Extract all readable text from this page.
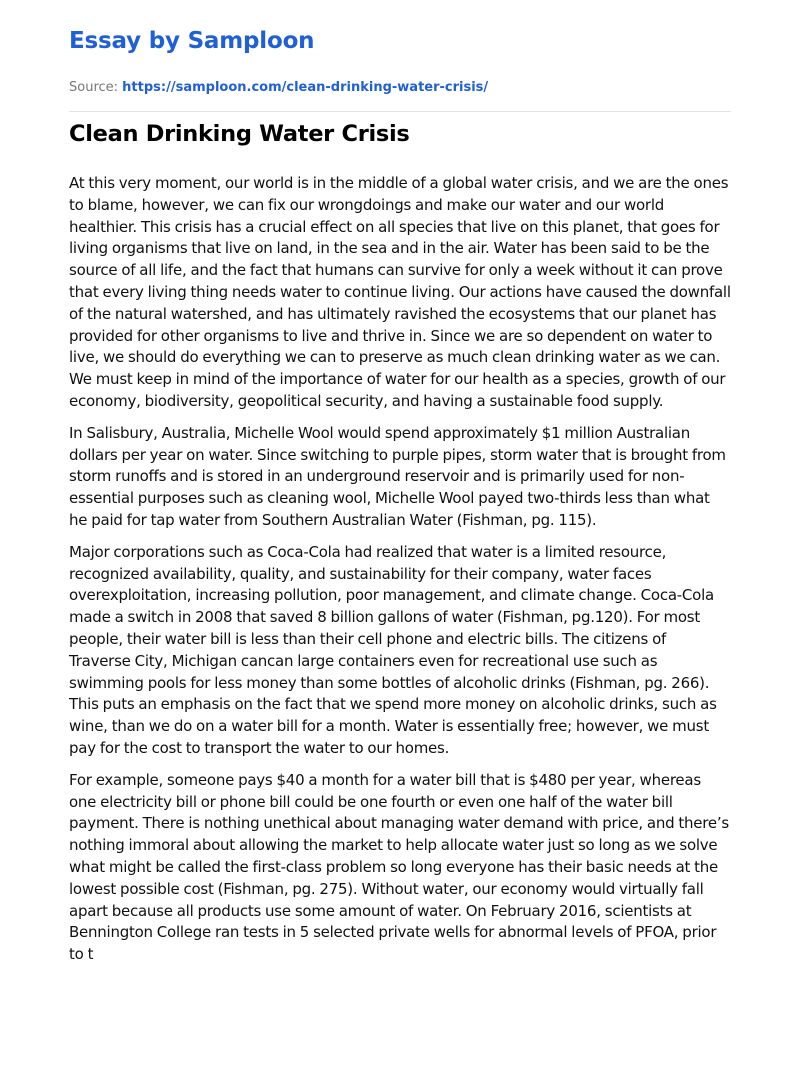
Essay by Samploon
Source: https://samploon.com/clean-drinking-water-crisis/
Clean Drinking Water Crisis

At this very moment, our world is in the middle of a global water crisis, and we are the ones to blame, however, we can fix our wrongdoings and make our water and our world healthier. This crisis has a crucial effect on all species that live on this planet, that goes for living organisms that live on land, in the sea and in the air. Water has been said to be the source of all life, and the fact that humans can survive for only a week without it can prove that every living thing needs water to continue living. Our actions have caused the downfall of the natural watershed, and has ultimately ravished the ecosystems that our planet has provided for other organisms to live and thrive in. Since we are so dependent on water to live, we should do everything we can to preserve as much clean drinking water as we can. We must keep in mind of the importance of water for our health as a species, growth of our economy, biodiversity, geopolitical security, and having a sustainable food supply.

In Salisbury, Australia, Michelle Wool would spend approximately $1 million Australian dollars per year on water. Since switching to purple pipes, storm water that is brought from storm runoffs and is stored in an underground reservoir and is primarily used for non-essential purposes such as cleaning wool, Michelle Wool payed two-thirds less than what he paid for tap water from Southern Australian Water (Fishman, pg. 115).

Major corporations such as Coca-Cola had realized that water is a limited resource, recognized availability, quality, and sustainability for their company, water faces overexploitation, increasing pollution, poor management, and climate change. Coca-Cola made a switch in 2008 that saved 8 billion gallons of water (Fishman, pg.120). For most people, their water bill is less than their cell phone and electric bills. The citizens of Traverse City, Michigan cancan large containers even for recreational use such as swimming pools for less money than some bottles of alcoholic drinks (Fishman, pg. 266). This puts an emphasis on the fact that we spend more money on alcoholic drinks, such as wine, than we do on a water bill for a month. Water is essentially free; however, we must pay for the cost to transport the water to our homes.

For example, someone pays $40 a month for a water bill that is $480 per year, whereas one electricity bill or phone bill could be one fourth or even one half of the water bill payment. There is nothing unethical about managing water demand with price, and there’s nothing immoral about allowing the market to help allocate water just so long as we solve what might be called the first-class problem so long everyone has their basic needs at the lowest possible cost (Fishman, pg. 275). Without water, our economy would virtually fall apart because all products use some amount of water. On February 2016, scientists at Bennington College ran tests in 5 selected private wells for abnormal levels of PFOA, prior to t
